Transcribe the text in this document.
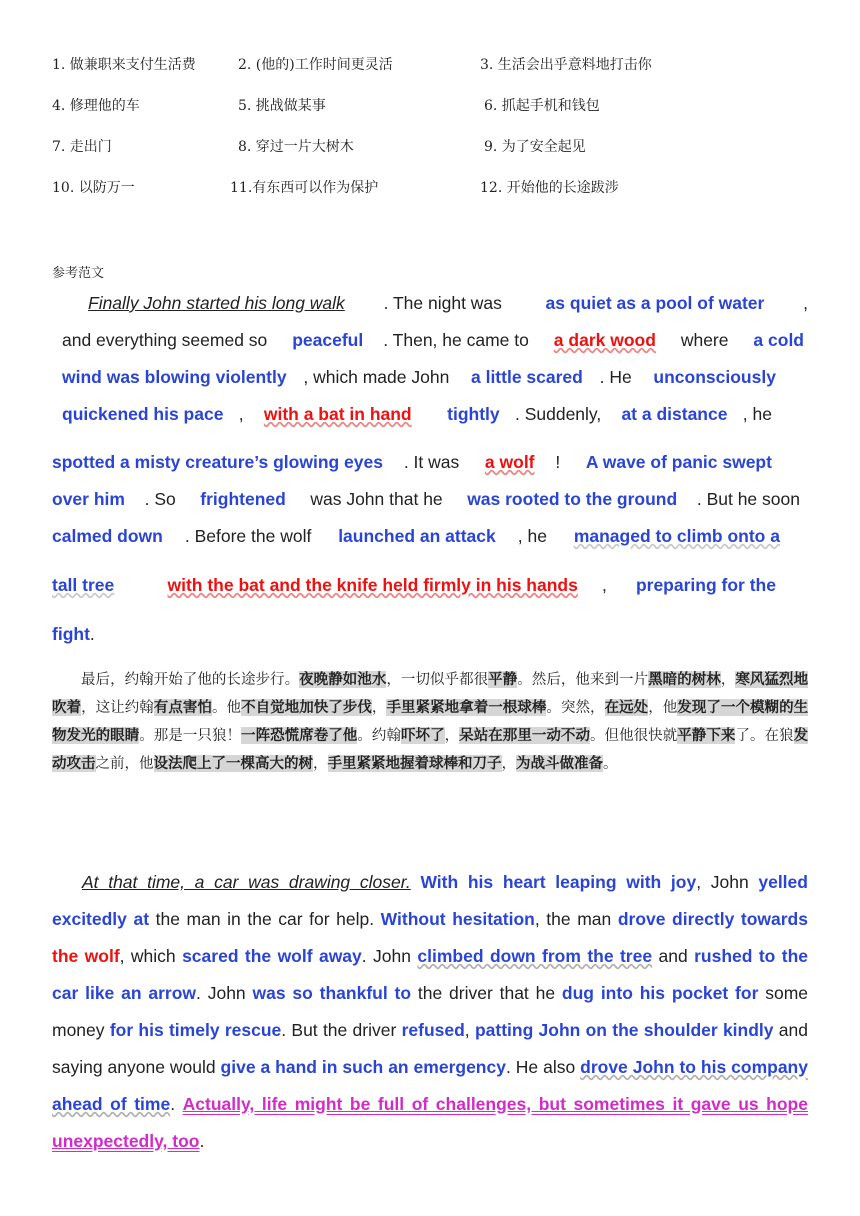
1. 做兼职来支付生活费	2. (他的)工作时间更灵活	3. 生活会出乎意料地打击你
4. 修理他的车	5. 挑战做某事	6. 抓起手机和钱包
7. 走出门	8. 穿过一片大树木	9. 为了安全起见
10. 以防万一	11.有东西可以作为保护	12. 开始他的长途跋涉
参考范文
Finally John started his long walk . The night was as quiet as a pool of water ,
and everything seemed so peaceful . Then, he came to a dark wood where a cold
wind was blowing violently , which made John a little scared . He unconsciously
quickened his pace , with a bat in hand
tightly . Suddenly, at a distance , he
spotted a misty creature’s glowing eyes . It was a wolf ! A wave of panic swept
over him . So frightened was John that he was rooted to the ground . But he soon
calmed down . Before the wolf launched an attack , he managed to climb onto a
tall tree
	with the bat and the knife held firmly in his hands , preparing for the
fight.
最后，约翰开始了他的长途步行。夜晚静如池水，一切似乎都很平静。然后，他来到一片黑暗的树林，寒风猛烈地吹着，这让约翰有点害怕。他不自觉地加快了步伐，手里紧紧地拿着一根球棒。突然，在远处，他发现了一个模糊的生物发光的眼睛。那是一只狼！一阵恐慌席卷了他。约翰吓坏了，呆站在那里一动不动。但他很快就平静下来了。在狼发动攻击之前，他设法爬上了一棵高大的树，手里紧紧地握着球棒和刀子，为战斗做准备。
At that time, a car was drawing closer. With his heart leaping with joy, John yelled excitedly at the man in the car for help. Without hesitation, the man drove directly towards the wolf, which scared the wolf away. John climbed down from the tree and rushed to the car like an arrow. John was so thankful to the driver that he dug into his pocket for some money for his timely rescue. But the driver refused, patting John on the shoulder kindly and saying anyone would give a hand in such an emergency. He also drove John to his company ahead of time. Actually, life might be full of challenges, but sometimes it gave us hope unexpectedly, too.
